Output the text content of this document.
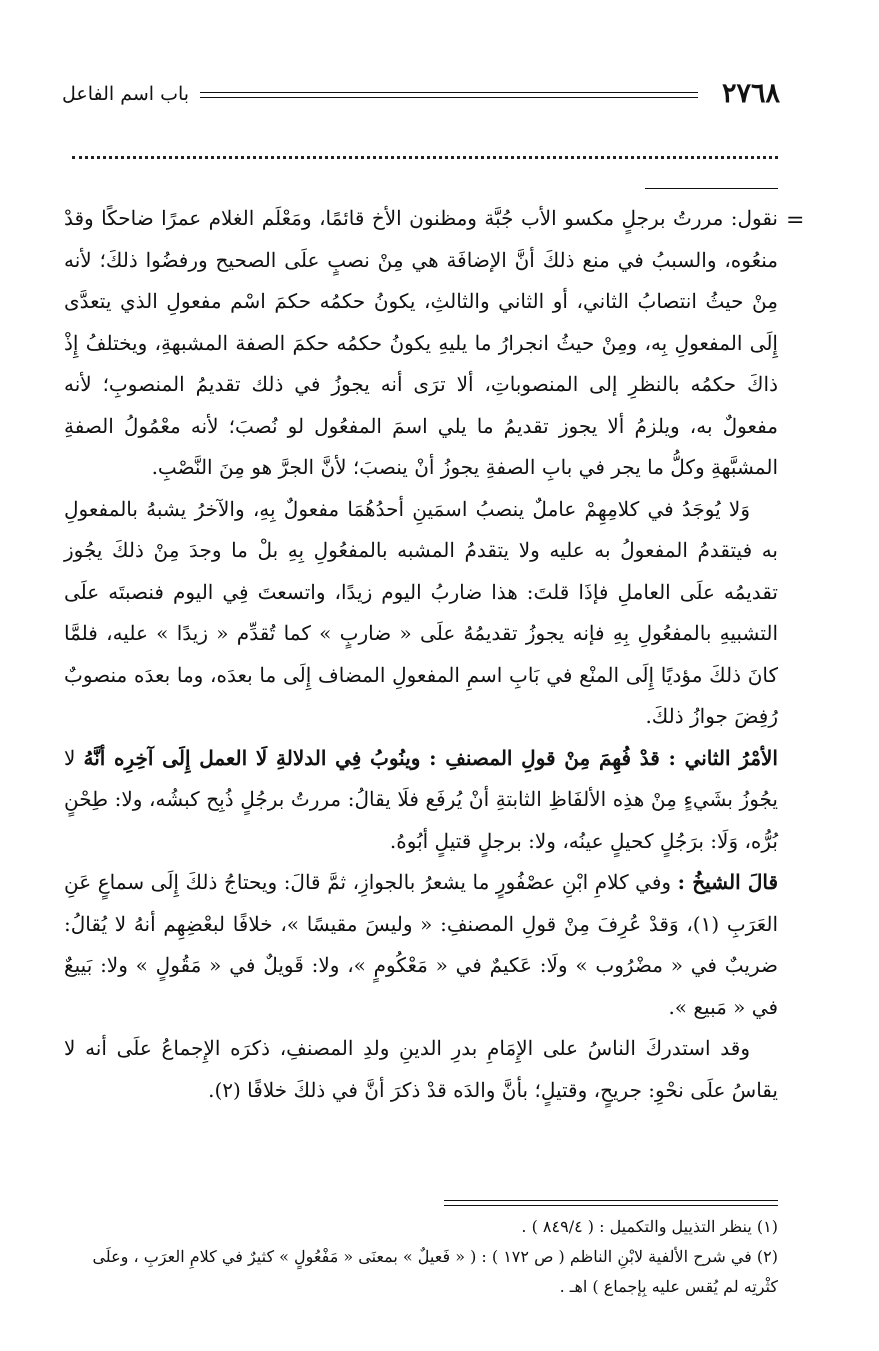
٢٧٦٨
باب اسم الفاعل
=

نقول: مررتُ برجلٍ مكسو الأب جُبَّة ومظنون الأخ قائمًا، ومَعْلَم الغلام عمرًا ضاحكًا وقدْ منعُوه، والسببُ في منع ذلكَ أنَّ الإضافَة هي مِنْ نصبٍ علَى الصحيح ورفضُوا ذلكَ؛ لأنه مِنْ حيثُ انتصابُ الثاني، أو الثاني والثالثِ، يكونُ حكمُه حكمَ اسْم مفعولِ الذي يتعدَّى إِلَى المفعولِ بِه، ومِنْ حيثُ انجرارُ ما يليهِ يكونُ حكمُه حكمَ الصفة المشبهةِ، ويختلفُ إِذْ ذاكَ حكمُه بالنظرِ إلى المنصوباتِ، ألا ترَى أنه يجوزُ في ذلك تقديمُ المنصوبِ؛ لأنه مفعولٌ به، ويلزمُ ألا يجوز تقديمُ ما يلي اسمَ المفعُول لو نُصبَ؛ لأنه معْمُولُ الصفةِ المشبَّهةِ وكلُّ ما يجر في بابِ الصفةِ يجوزُ أنْ ينصبَ؛ لأنَّ الجرَّ هو مِنَ النَّصْبِ.

وَلا يُوجَدُ في كلامِهِمْ عاملٌ ينصبُ اسمَينِ أحدُهُمَا مفعولٌ بِهِ، والآخرُ يشبهُ بالمفعولِ به فيتقدمُ المفعولُ به عليه ولا يتقدمُ المشبه بالمفعُولِ بِهِ بلْ ما وجدَ مِنْ ذلكَ يجُوز تقديمُه علَى العاملِ فإذَا قلتَ: هذا ضاربُ اليوم زيدًا، واتسعتَ فِي اليوم فنصبتَه علَى التشبيهِ بالمفعُولِ بِهِ فإنه يجوزُ تقديمُهُ علَى « ضاربٍ » كما تُقدِّم « زيدًا » عليه، فلمَّا كانَ ذلكَ مؤديًا إِلَى المنْع في بَابِ اسمِ المفعولِ المضاف إِلَى ما بعدَه، وما بعدَه منصوبٌ رُفِضَ جوازُ ذلكَ.

الأمْرُ الثاني : قدْ فُهِمَ مِنْ قولِ المصنفِ : وينُوبُ فِي الدلالةِ لَا العمل إِلَى آخِرِه أنَّهُ لا يجُوزُ بشَيءٍ مِنْ هذِه الألفَاظِ الثابتةِ أنْ يُرفَع فلَا يقالُ: مررتُ برجُلٍ ذُبِح كبشُه، ولا: طِحْنٍ بُرُّه، وَلَا: برَجُلٍ كحيلٍ عينُه، ولا: برجلٍ قتيلٍ أبُوهُ.

قالَ الشيخُ : وفي كلامِ ابْنِ عصْفُورٍ ما يشعرُ بالجوازِ، ثمَّ قالَ: ويحتاجُ ذلكَ إِلَى سماعٍ عَنِ العَرَبِ (١)، وَقدْ عُرِفَ مِنْ قولِ المصنفِ: « وليسَ مقيسًا »، خلافًا لبعْضِهِم أنهُ لا يُقالُ: ضريبٌ في « مضْرُوب » ولَا: عَكيمٌ في « مَعْكُومٍ »، ولا: قَويلٌ في « مَقُولٍ » ولا: بَييعٌ في « مَبيع ».

وقد استدركَ الناسُ على الإِمَامِ بدرِ الدينِ ولدِ المصنفِ، ذكرَه الإِجماعُ علَى أنه لا يقاسُ علَى نحْوِ: جريحٍ، وقتيلٍ؛ بأنَّ والدَه قدْ ذكرَ أنَّ في ذلكَ خلافًا (٢).

(١) ينظر التذييل والتكميل : ( ٨٤٩/٤ ) .

(٢) في شرح الألفية لابْنِ الناظم ( ص ١٧٢ ) : ( « فَعيلٌ » بمعنَى « مَفْعُولٍ » كثيرٌ في كلامِ العرَبِ ، وعلَى كثْرتِه لم يُقس عليه بِإجماع ) اهـ .
